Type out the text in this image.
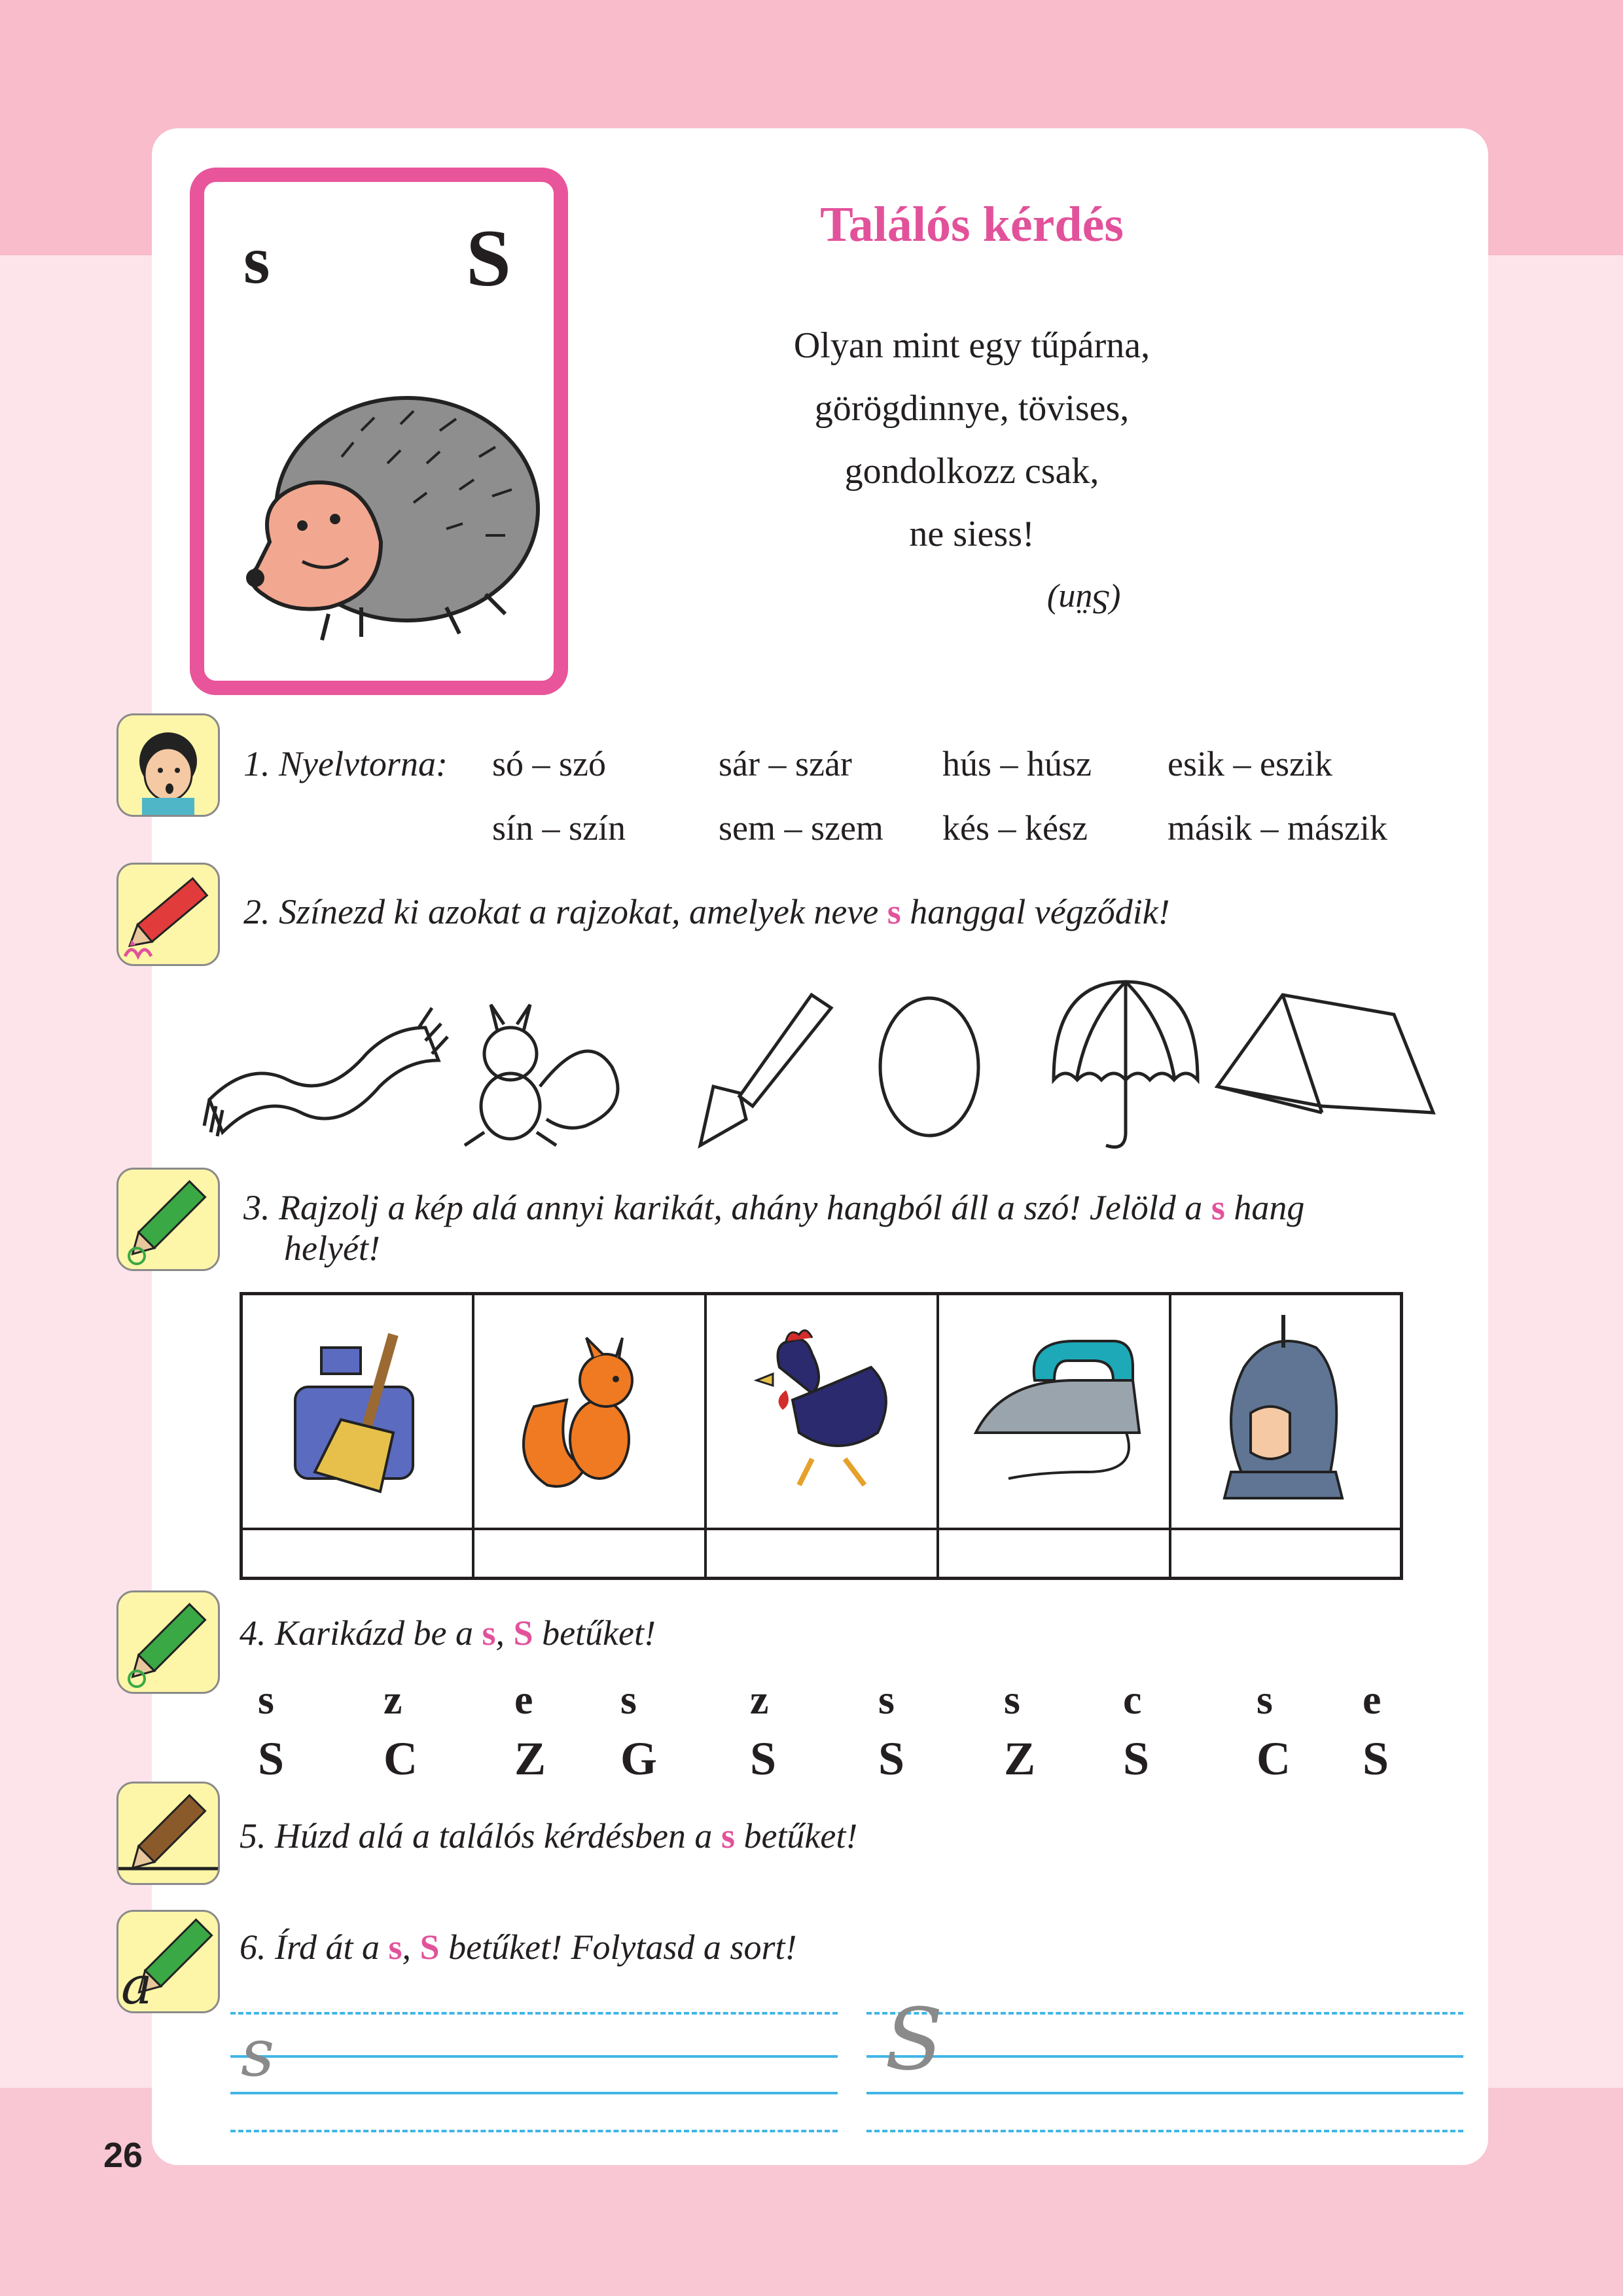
26
s S	Találós kérdés
Olyan mint egy tűpárna,
görögdinnye, tövises,
gondolkozz csak,
ne siess!
(Sün)
1. Nyelvtorna: só – szó	sár – szár	hús – húsz esik – eszik
sín – szín	sem – szem kés – kész másik – mászik
2. Színezd ki azokat a rajzokat, amelyek neve s hanggal végződik!
3. Rajzolj a kép alá annyi karikát, ahány hangból áll a szó! Jelöld a s hang
helyét!
4. Karikázd be a s, S betűket!
s	z	e s	z	s	s c	s e
S C Z G S S Z S C S
5. Húzd alá a találós kérdésben a s betűket!
a
6. Írd át a s, S betűket! Folytasd a sort!
s	S
